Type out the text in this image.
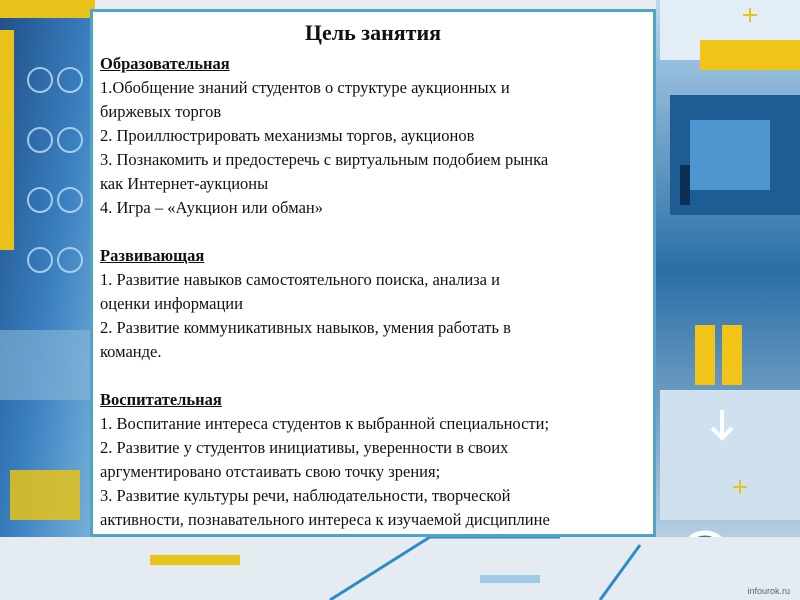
Цель занятия
Образовательная
1.Обобщение знаний студентов о структуре аукционных и
биржевых торгов
2. Проиллюстрировать механизмы торгов, аукционов
3. Познакомить и предостеречь с виртуальным подобием рынка
как Интернет-аукционы
4. Игра – «Аукцион или обман»
Развивающая
1. Развитие навыков самостоятельного поиска, анализа и
оценки информации
2. Развитие коммуникативных навыков, умения работать в
команде.
Воспитательная
1. Воспитание интереса студентов к выбранной специальности;
2. Развитие у студентов инициативы, уверенности в своих
аргументировано отстаивать свою точку зрения;
3. Развитие культуры речи, наблюдательности, творческой
активности, познавательного интереса к изучаемой дисциплине
infourok.ru
